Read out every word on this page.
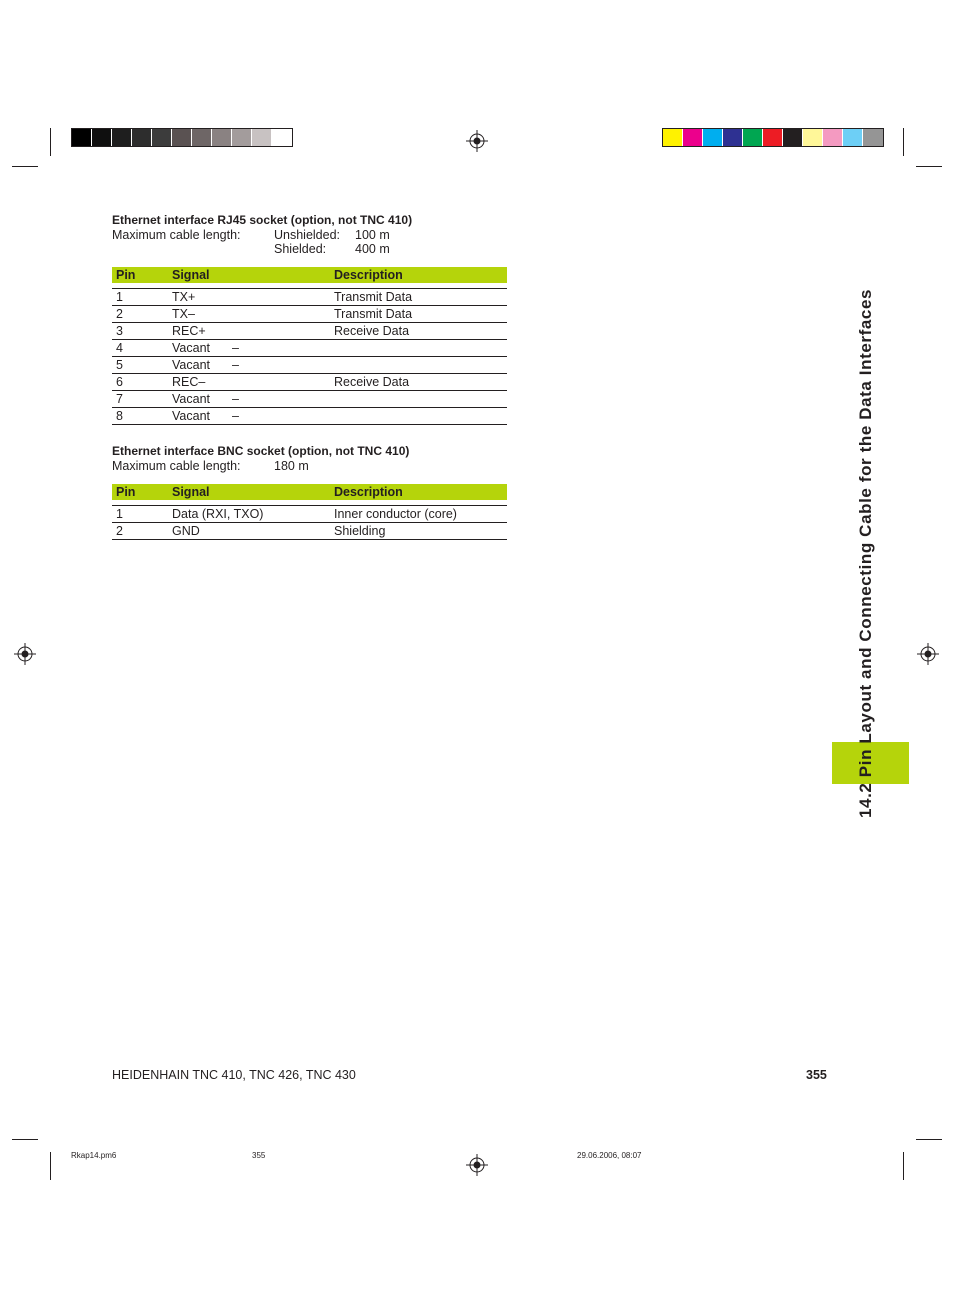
Ethernet interface RJ45 socket (option, not TNC 410)
Maximum cable length:	Unshielded: 100 m
Shielded: 400 m
Pin	Signal	Description

1	TX+	Transmit Data
2	TX–	Transmit Data
3	REC+	Receive Data
4	Vacant –	
5	Vacant –	
6	REC–	Receive Data
7	Vacant –	
8	Vacant –	
Ethernet interface BNC socket (option, not TNC 410)
Maximum cable length:	180 m
Pin	Signal	Description

1	Data (RXI, TXO)	Inner conductor (core)
2	GND	Shielding	14.2 Pin Layout and Connecting Cable for the Data Interfaces
HEIDENHAIN TNC 410, TNC 426, TNC 430	355
Rkap14.pm6	355	29.06.2006, 08:07
